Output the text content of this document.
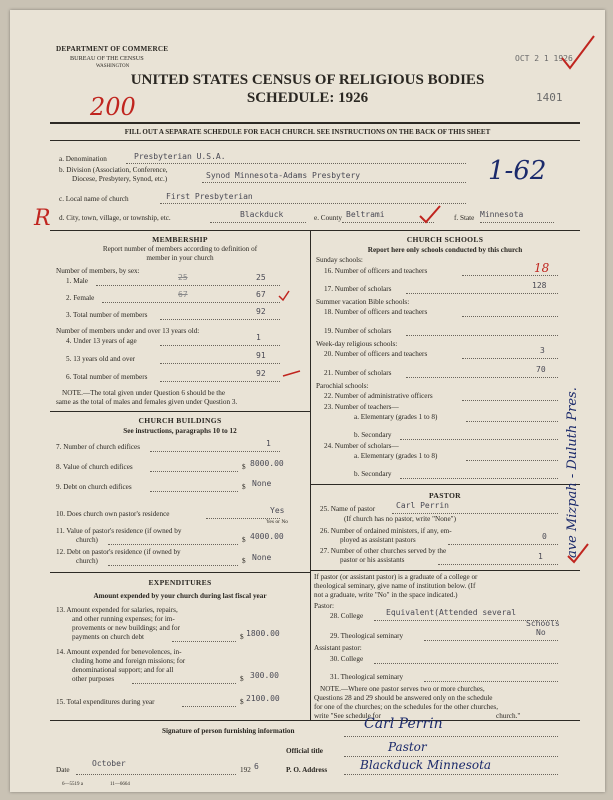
DEPARTMENT OF COMMERCE
BUREAU OF THE CENSUS
WASHINGTON
UNITED STATES CENSUS OF RELIGIOUS BODIES
SCHEDULE: 1926
OCT 2 1 1926
1401
200
FILL OUT A SEPARATE SCHEDULE FOR EACH CHURCH. SEE INSTRUCTIONS ON THE BACK OF THIS SHEET
a. Denomination	Presbyterian U.S.A.
b. Division (Association, Conference,
Diocese, Presbytery, Synod, etc.)	Synod Minnesota-Adams Presbytery	1-62
c. Local name of church	First Presbyterian
d. City, town, village, or township, etc.	Blackduck	e. County Beltrami	f. State Minnesota
R
MEMBERSHIP
Report number of members according to definition of
member in your church
Number of members, by sex:
1. Male	25	25
2. Female	67	67
3. Total number of members	92
Number of members under and over 13 years old:
4. Under 13 years of age	1
5. 13 years old and over	91
6. Total number of members	92
NOTE.—The total given under Question 6 should be the
same as the total of males and females given under Question 3.
CHURCH BUILDINGS
See instructions, paragraphs 10 to 12
7. Number of church edifices	1
8. Value of church edifices	$ 8000.00
9. Debt on church edifices	$ None
10. Does church own pastor's residence	Yes
Yes or No
11. Value of pastor's residence (if owned by
church)	$ 4000.00
12. Debt on pastor's residence (if owned by
church)	$ None
EXPENDITURES
Amount expended by your church during last fiscal year
13. Amount expended for salaries, repairs,
and other running expenses; for im-
provements or new buildings; and for
payments on church debt	$ 1800.00
14. Amount expended for benevolences, in-
cluding home and foreign missions; for
denominational support; and for all
other purposes	$ 300.00
15. Total expenditures during year	$ 2100.00
CHURCH SCHOOLS
Report here only schools conducted by this church
Sunday schools:
16. Number of officers and teachers	18
17. Number of scholars	128
Summer vacation Bible schools:
18. Number of officers and teachers
19. Number of scholars
Week-day religious schools:
20. Number of officers and teachers	3
21. Number of scholars	70
Parochial schools:
22. Number of administrative officers
23. Number of teachers—
a. Elementary (grades 1 to 8)
b. Secondary
24. Number of scholars—
a. Elementary (grades 1 to 8)
b. Secondary
PASTOR
25. Name of pastor	Carl Perrin
(If church has no pastor, write "None")
26. Number of ordained ministers, if any, em-
ployed as assistant pastors	0
27. Number of other churches served by the
pastor or his assistants	1
If pastor (or assistant pastor) is a graduate of a college or
theological seminary, give name of institution below. (If
not a graduate, write "No" in the space indicated.)
Pastor:
28. College	Equivalent(Attended several
Schools
29. Theological seminary	No
Assistant pastor:
30. College
31. Theological seminary
NOTE.—Where one pastor serves two or more churches,
Questions 28 and 29 should be answered only on the schedule
for one of the churches; on the schedules for the other churches,
write "See schedule for	church."
Signature of person furnishing information	Carl Perrin
Official title	Pastor
Date
October
192 6	P. O. Address	Blackduck Minnesota
6—5519 a	11—6664
ave Mizpah - Duluth Pres.
